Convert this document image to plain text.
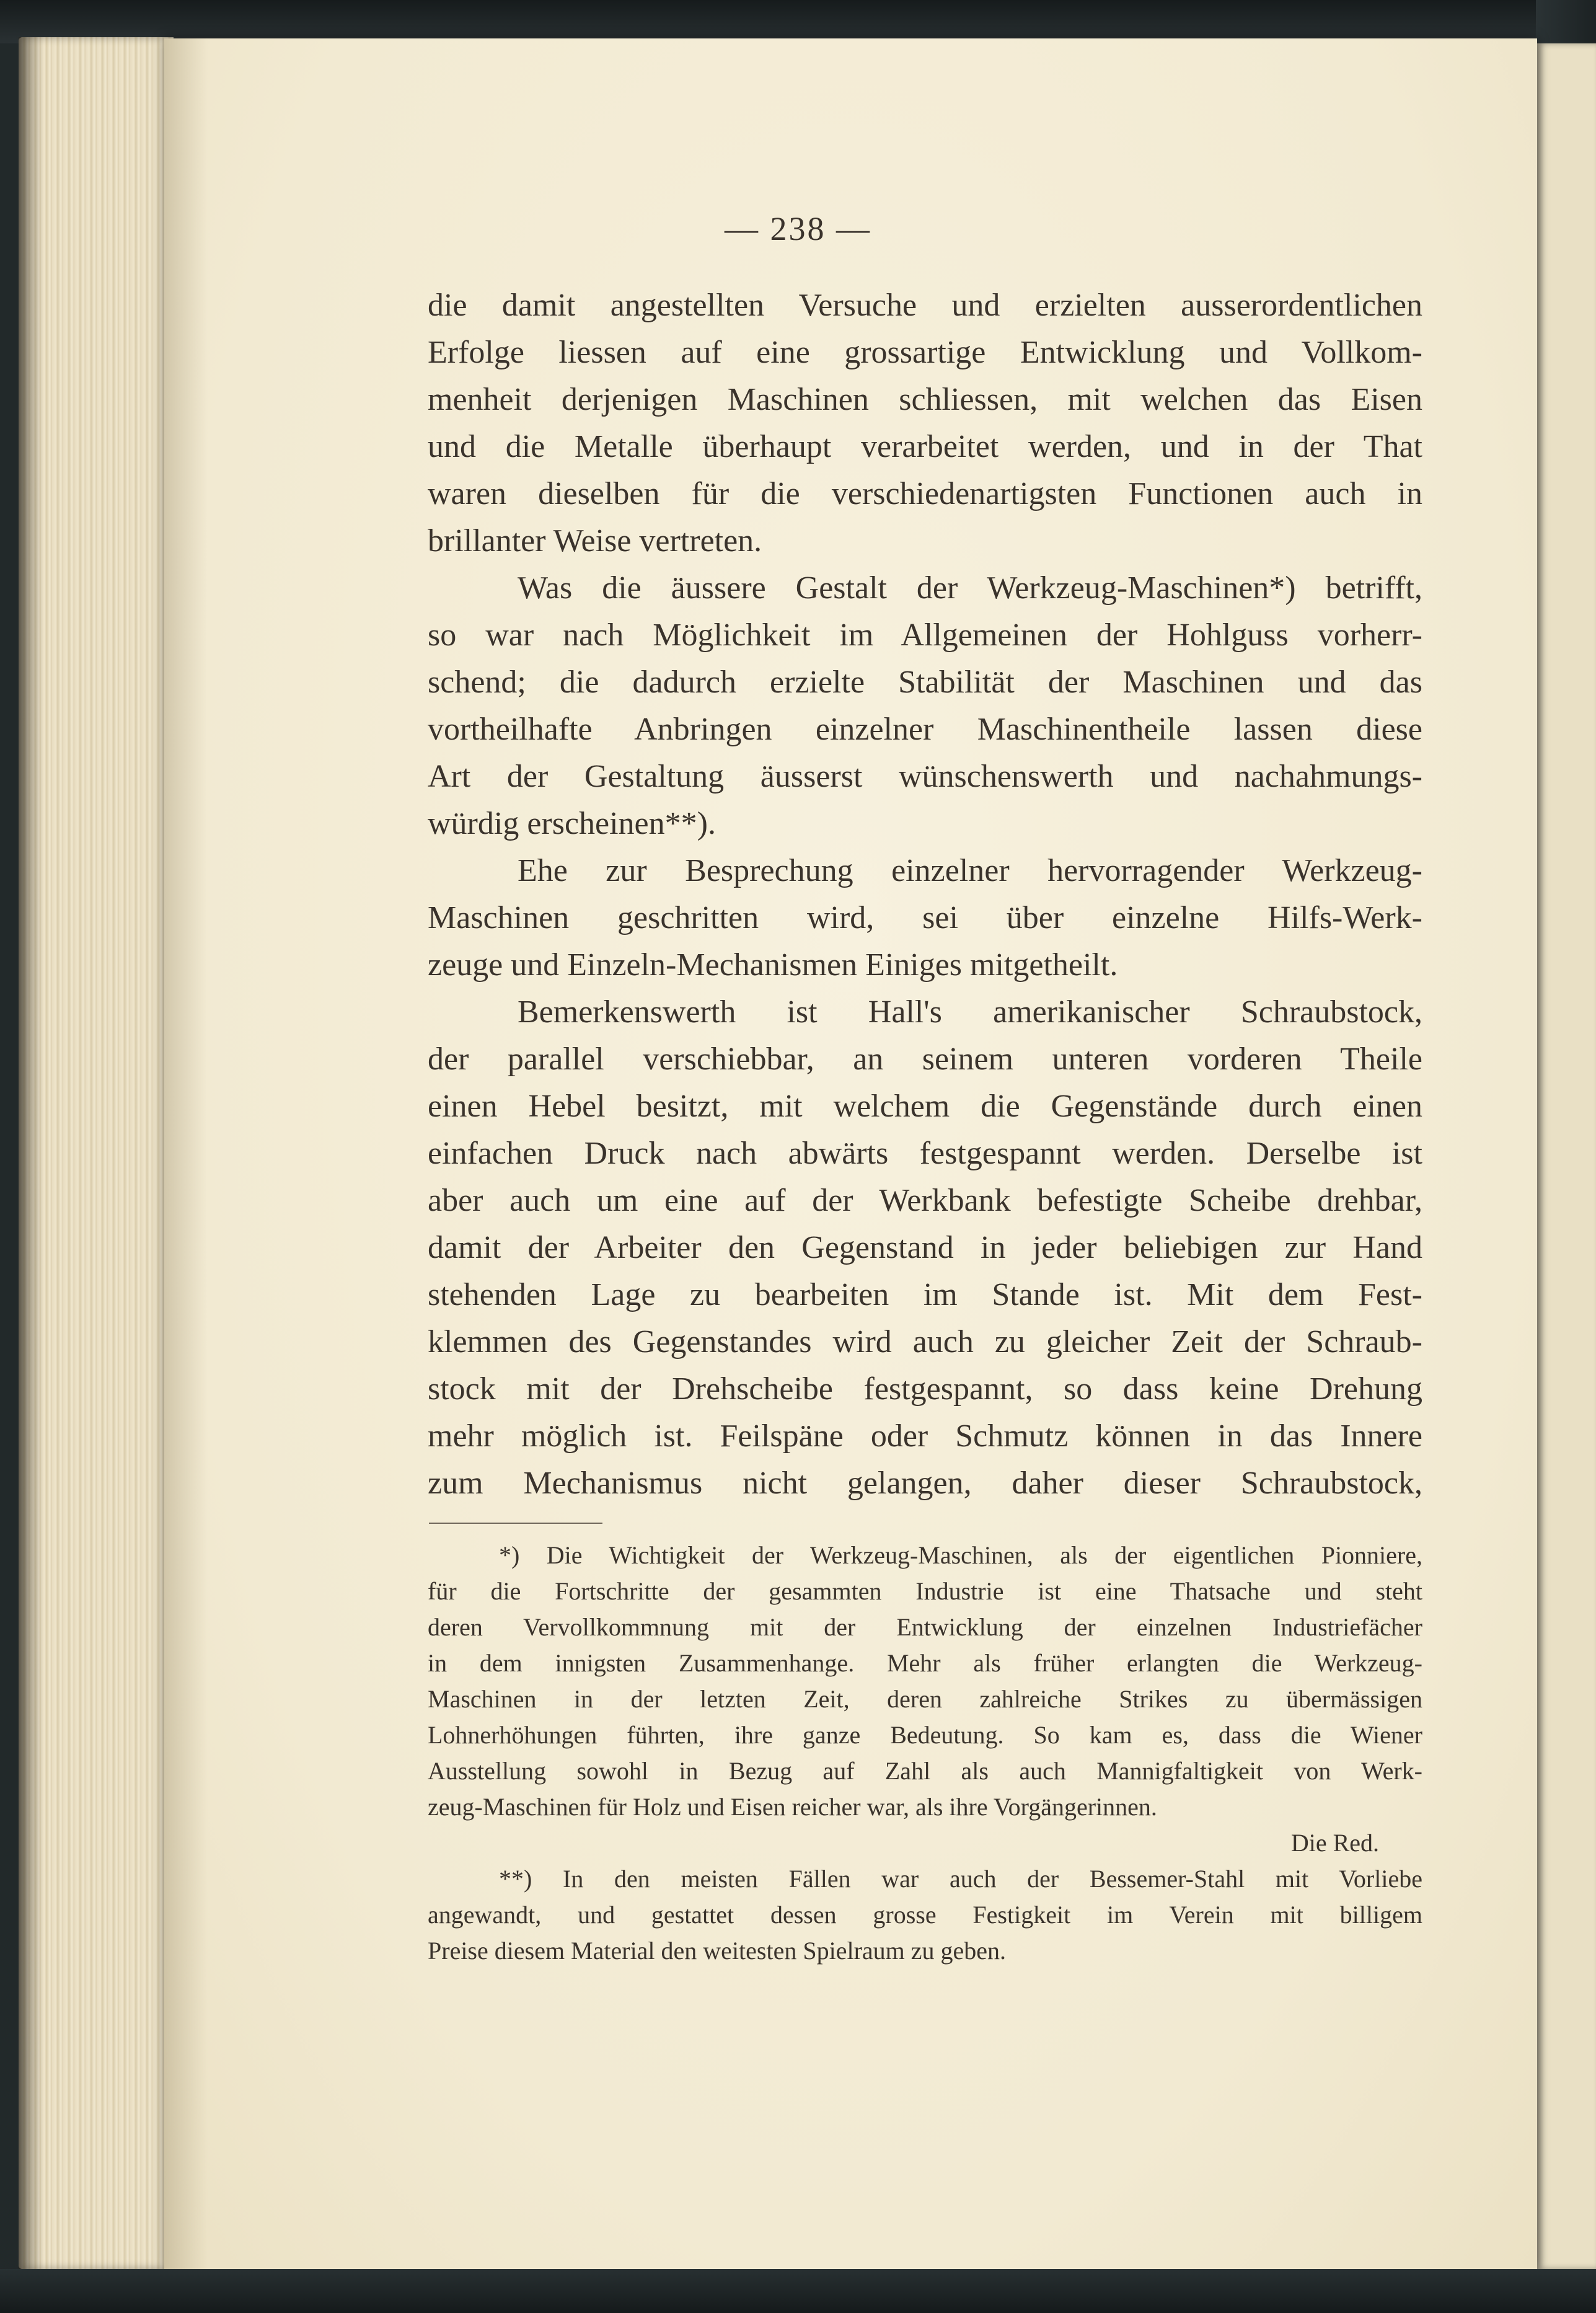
— 238 —

die damit angestellten Versuche und erzielten ausserordentlichen

Erfolge liessen auf eine grossartige Entwicklung und Vollkom-

menheit derjenigen Maschinen schliessen, mit welchen das Eisen

und die Metalle überhaupt verarbeitet werden, und in der That

waren dieselben für die verschiedenartigsten Functionen auch in

brillanter Weise vertreten.

Was die äussere Gestalt der Werkzeug-Maschinen*) betrifft,

so war nach Möglichkeit im Allgemeinen der Hohlguss vorherr-

schend; die dadurch erzielte Stabilität der Maschinen und das

vortheilhafte Anbringen einzelner Maschinentheile lassen diese

Art der Gestaltung äusserst wünschenswerth und nachahmungs-

würdig erscheinen**).

Ehe zur Besprechung einzelner hervorragender Werkzeug-

Maschinen geschritten wird, sei über einzelne Hilfs-Werk-

zeuge und Einzeln-Mechanismen Einiges mitgetheilt.

Bemerkenswerth ist Hall's amerikanischer Schraubstock,

der parallel verschiebbar, an seinem unteren vorderen Theile

einen Hebel besitzt, mit welchem die Gegenstände durch einen

einfachen Druck nach abwärts festgespannt werden. Derselbe ist

aber auch um eine auf der Werkbank befestigte Scheibe drehbar,

damit der Arbeiter den Gegenstand in jeder beliebigen zur Hand

stehenden Lage zu bearbeiten im Stande ist. Mit dem Fest-

klemmen des Gegenstandes wird auch zu gleicher Zeit der Schraub-

stock mit der Drehscheibe festgespannt, so dass keine Drehung

mehr möglich ist. Feilspäne oder Schmutz können in das Innere

zum Mechanismus nicht gelangen, daher dieser Schraubstock,

*) Die Wichtigkeit der Werkzeug-Maschinen, als der eigentlichen Pionniere,

für die Fortschritte der gesammten Industrie ist eine Thatsache und steht

deren Vervollkommnung mit der Entwicklung der einzelnen Industriefächer

in dem innigsten Zusammenhange. Mehr als früher erlangten die Werkzeug-

Maschinen in der letzten Zeit, deren zahlreiche Strikes zu übermässigen

Lohnerhöhungen führten, ihre ganze Bedeutung. So kam es, dass die Wiener

Ausstellung sowohl in Bezug auf Zahl als auch Mannigfaltigkeit von Werk-

zeug-Maschinen für Holz und Eisen reicher war, als ihre Vorgängerinnen.

Die Red.

**) In den meisten Fällen war auch der Bessemer-Stahl mit Vorliebe

angewandt, und gestattet dessen grosse Festigkeit im Verein mit billigem

Preise diesem Material den weitesten Spielraum zu geben.
